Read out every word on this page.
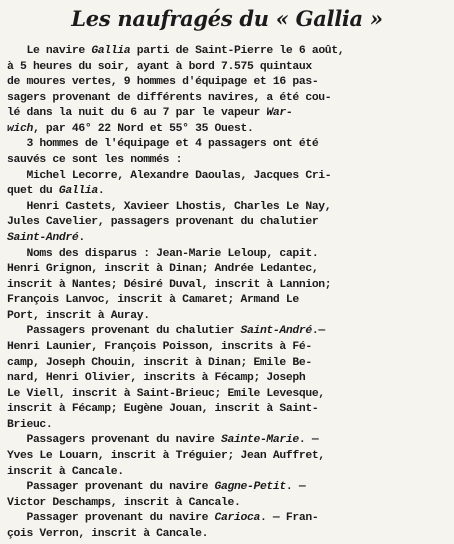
Les naufragés du « Gallia »
Le navire Gallia parti de Saint-Pierre le 6 août,
à 5 heures du soir, ayant à bord 7.575 quintaux
de moures vertes, 9 hommes d'équipage et 16 pas-
sagers provenant de différents navires, a été cou-
lé dans la nuit du 6 au 7 par le vapeur War-
wich, par 46° 22 Nord et 55° 35 Ouest.
3 hommes de l'équipage et 4 passagers ont été
sauvés ce sont les nommés :
Michel Lecorre, Alexandre Daoulas, Jacques Cri-
quet du Gallia.
Henri Castets, Xavieer Lhostis, Charles Le Nay,
Jules Cavelier, passagers provenant du chalutier
Saint-André.
Noms des disparus : Jean-Marie Leloup, capit.
Henri Grignon, inscrit à Dinan; Andrée Ledantec,
inscrit à Nantes; Désiré Duval, inscrit à Lannion;
François Lanvoc, inscrit à Camaret; Armand Le
Port, inscrit à Auray.
Passagers provenant du chalutier Saint-André.—
Henri Launier, François Poisson, inscrits à Fé-
camp, Joseph Chouin, inscrit à Dinan; Emile Be-
nard, Henri Olivier, inscrits à Fécamp; Joseph
Le Viell, inscrit à Saint-Brieuc; Emile Levesque,
inscrit à Fécamp; Eugène Jouan, inscrit à Saint-
Brieuc.
Passagers provenant du navire Sainte-Marie. —
Yves Le Louarn, inscrit à Tréguier; Jean Auffret,
inscrit à Cancale.
Passager provenant du navire Gagne-Petit. —
Victor Deschamps, inscrit à Cancale.
Passager provenant du navire Carioca. — Fran-
çois Verron, inscrit à Cancale.
